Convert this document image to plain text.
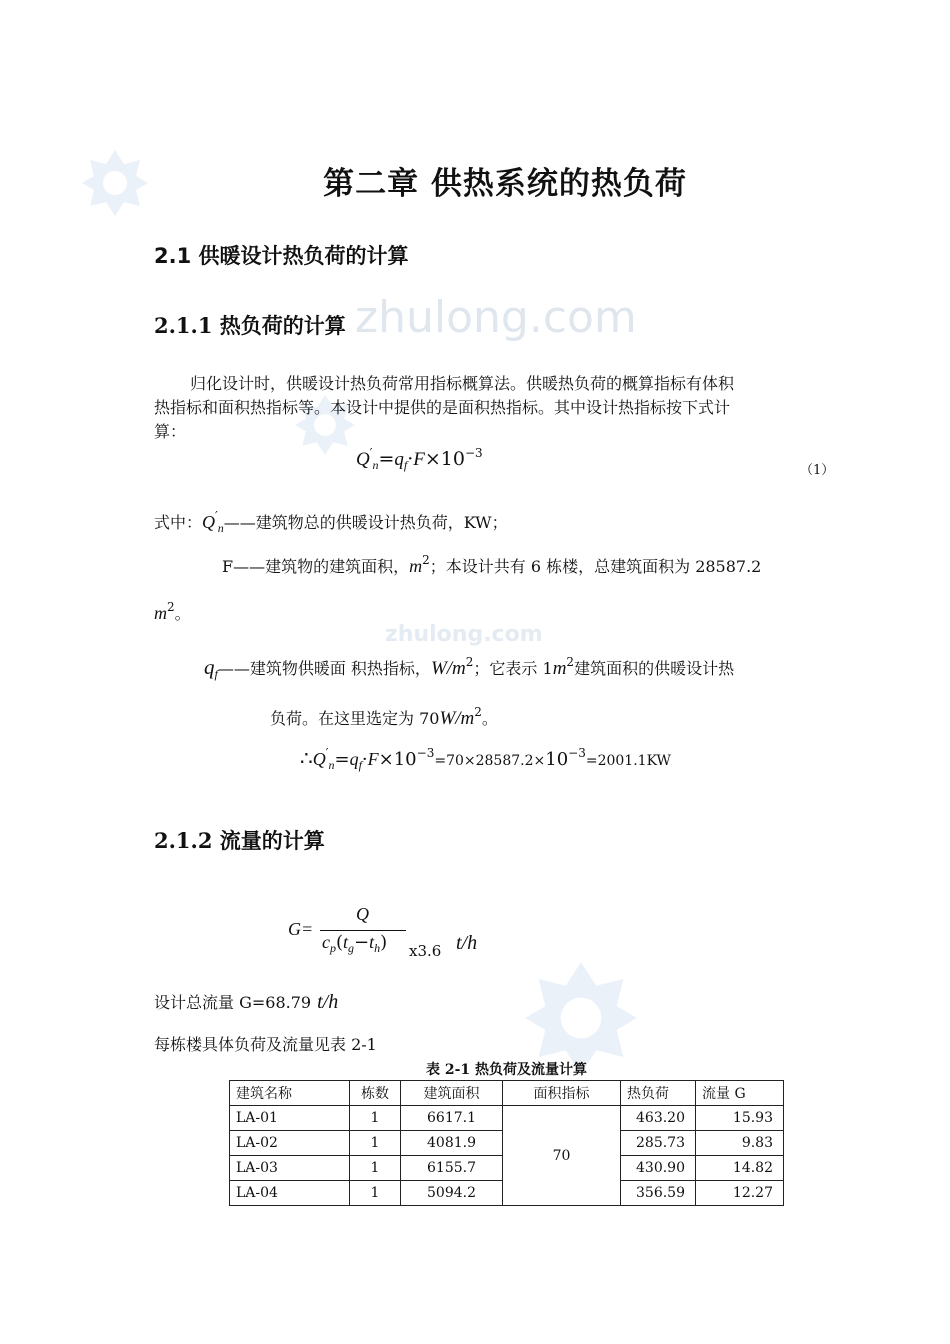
zhulong.com
zhulong.com
第二章 供热系统的热负荷
2.1 供暖设计热负荷的计算
2.1.1 热负荷的计算
归化设计时，供暖设计热负荷常用指标概算法。供暖热负荷的概算指标有体积
热指标和面积热指标等。本设计中提供的是面积热指标。其中设计热指标按下式计
算：
$Q'_n=q_f\cdot F\times 10^{-3}$
（1）
式中：$Q'_n——$建筑物总的供暖设计热负荷，KW；
F——建筑物的建筑面积，$m^2$；本设计共有 6 栋楼，总建筑面积为 28587.2
$m^2$。
$q_f——$建筑物供暖面 积热指标，$W/m^2$；它表示 $1m^2$建筑面积的供暖设计热
负荷。在这里选定为 $70W/m^2$。
$\therefore Q'_n=q_f\cdot F\times 10^{-3}=70\times 28587.2\times 10^{-3}=2001.1KW$
2.1.2 流量的计算
G=
Q
$c_p(t_g-t_h)$ x3.6 t/h
设计总流量 G=68.79 t/h
每栋楼具体负荷及流量见表 2-1
表 2-1 热负荷及流量计算
建筑名称	栋数	建筑面积	面积指标	热负荷	流量 G
LA-01	1	6617.1	70	463.20	15.93
LA-02	1	4081.9		285.73	9.83
LA-03	1	6155.7		430.90	14.82
LA-04	1	5094.2		356.59	12.27
